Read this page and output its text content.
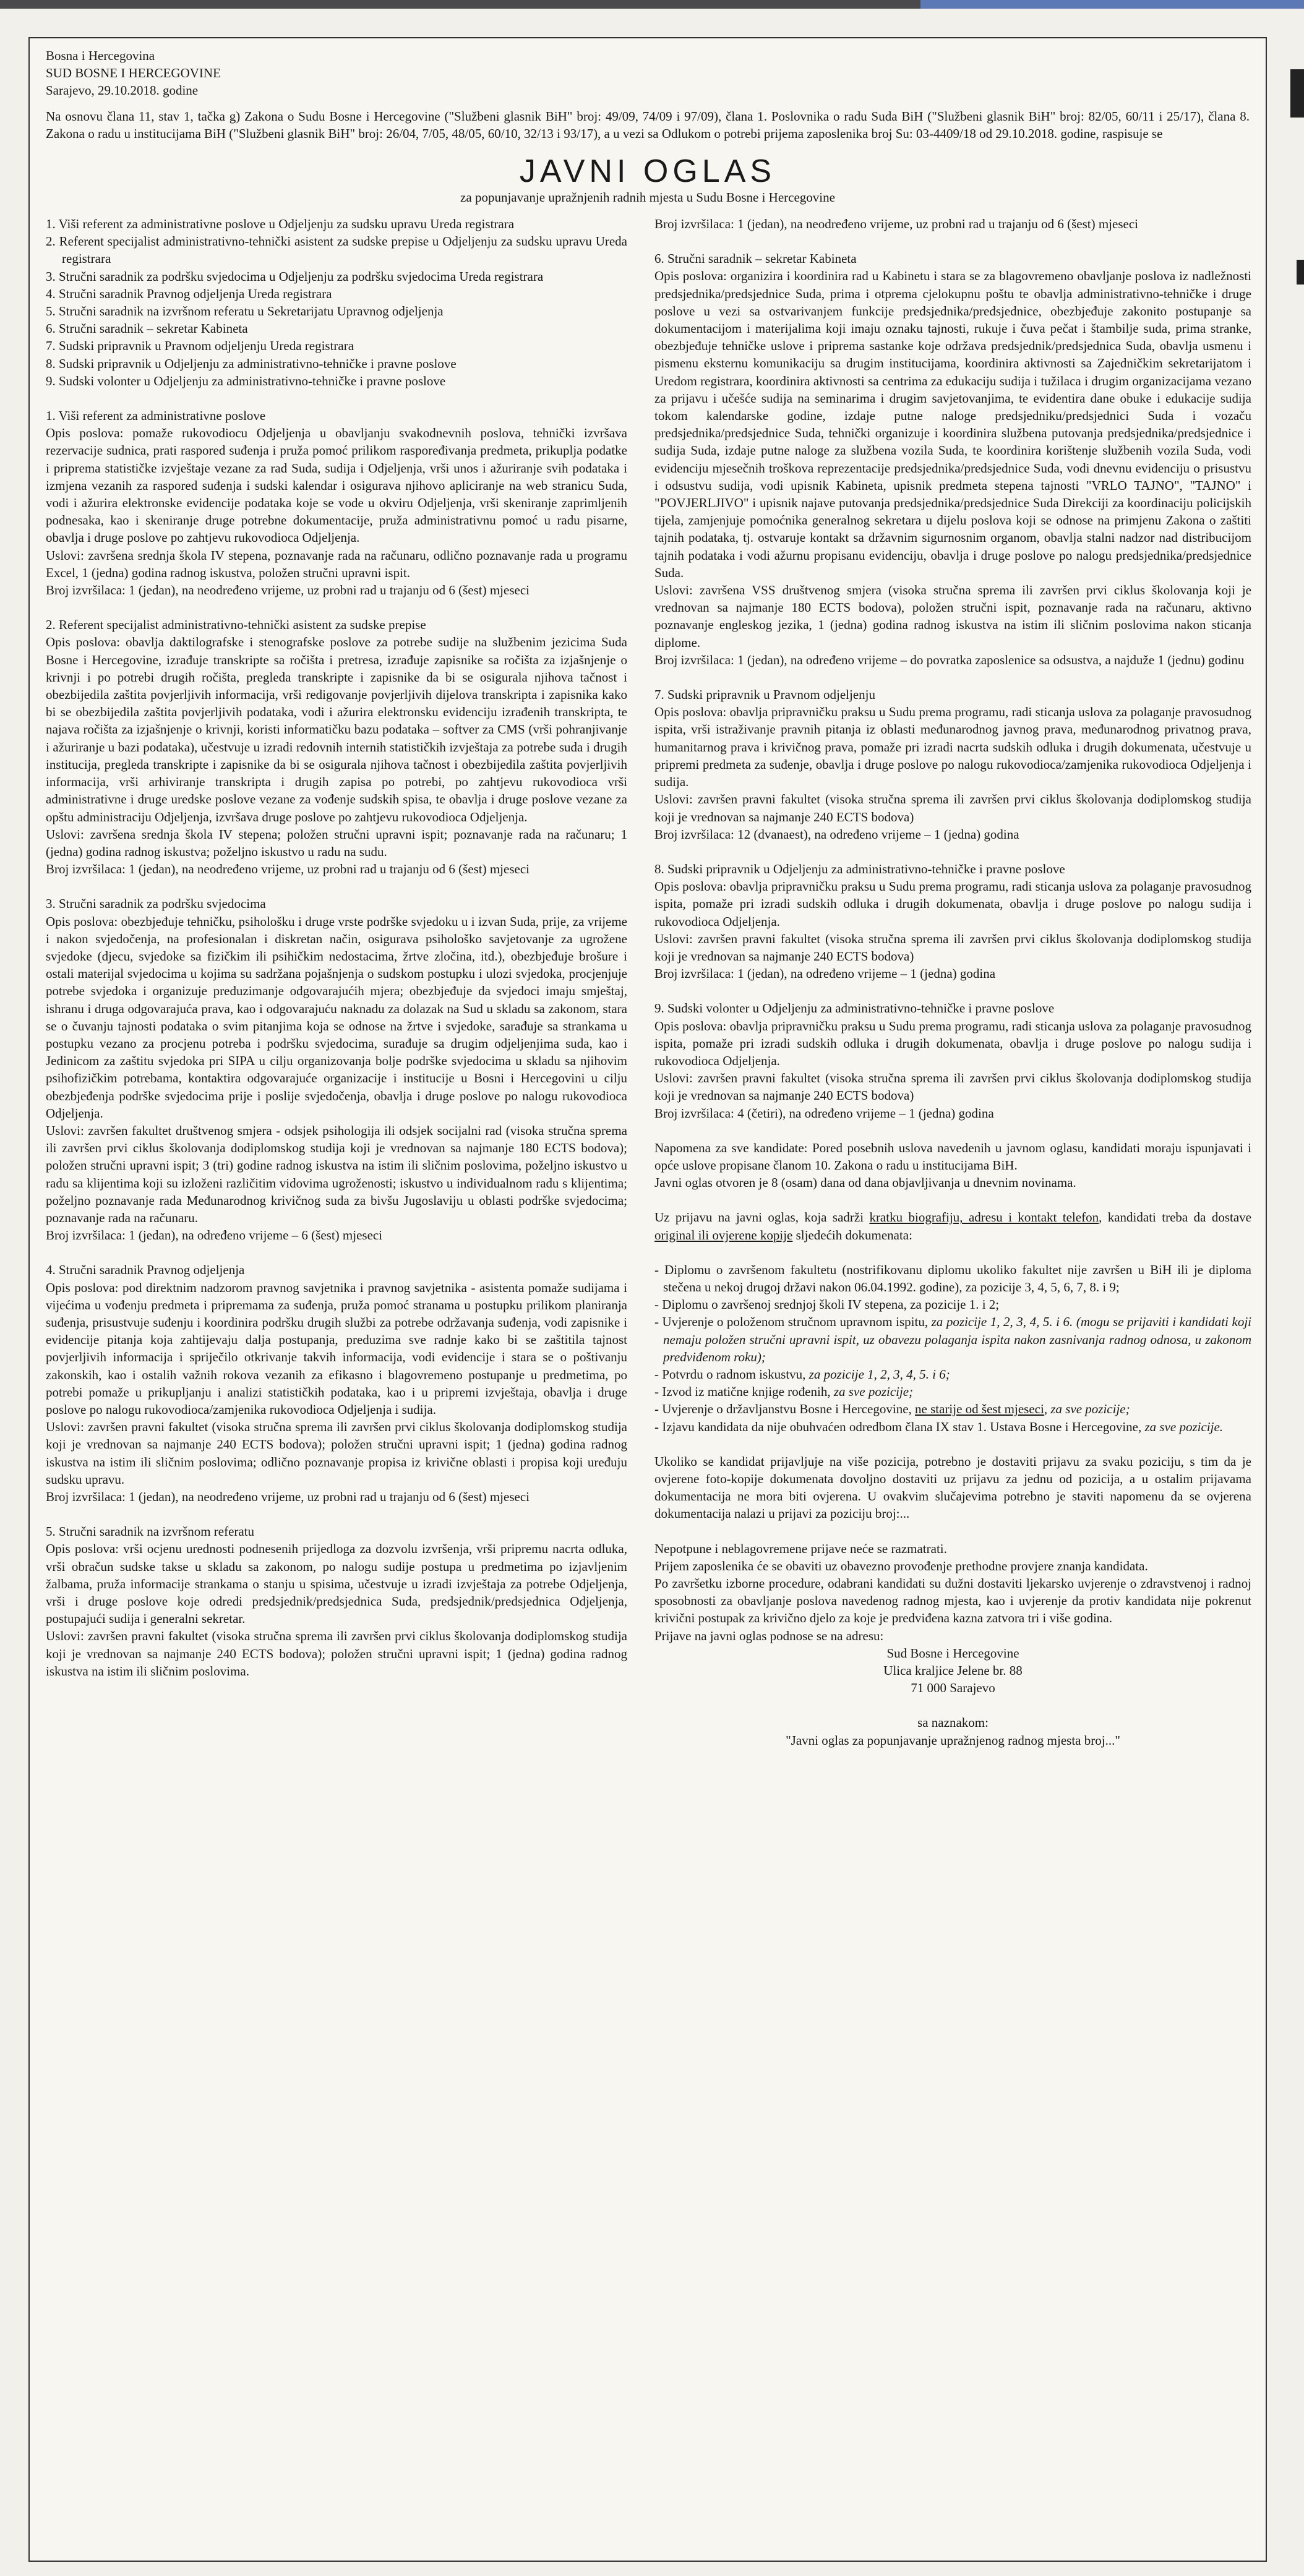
Bosna i Hercegovina
SUD BOSNE I HERCEGOVINE
Sarajevo, 29.10.2018. godine

Na osnovu člana 11, stav 1, tačka g) Zakona o Sudu Bosne i Hercegovine ("Službeni glasnik BiH" broj: 49/09, 74/09 i 97/09), člana 1. Poslovnika o radu Suda BiH ("Službeni glasnik BiH" broj: 82/05, 60/11 i 25/17), člana 8. Zakona o radu u institucijama BiH ("Službeni glasnik BiH" broj: 26/04, 7/05, 48/05, 60/10, 32/13 i 93/17), a u vezi sa Odlukom o potrebi prijema zaposlenika broj Su: 03-4409/18 od 29.10.2018. godine, raspisuje se

JAVNI OGLAS
za popunjavanje upražnjenih radnih mjesta u Sudu Bosne i Hercegovine
1. Viši referent za administrativne poslove u Odjeljenju za sudsku upravu Ureda registrara
2. Referent specijalist administrativno-tehnički asistent za sudske prepise u Odjeljenju za sudsku upravu Ureda registrara
3. Stručni saradnik za podršku svjedocima u Odjeljenju za podršku svjedocima Ureda registrara
4. Stručni saradnik Pravnog odjeljenja Ureda registrara
5. Stručni saradnik na izvršnom referatu u Sekretarijatu Upravnog odjeljenja
6. Stručni saradnik – sekretar Kabineta
7. Sudski pripravnik u Pravnom odjeljenju Ureda registrara
8. Sudski pripravnik u Odjeljenju za administrativno-tehničke i pravne poslove
9. Sudski volonter u Odjeljenju za administrativno-tehničke i pravne poslove

1. Viši referent za administrativne poslove

Opis poslova: pomaže rukovodiocu Odjeljenja u obavljanju svakodnevnih poslova, tehnički izvršava rezervacije sudnica, prati raspored suđenja i pruža pomoć prilikom raspoređivanja predmeta, prikuplja podatke i priprema statističke izvještaje vezane za rad Suda, sudija i Odjeljenja, vrši unos i ažuriranje svih podataka i izmjena vezanih za raspored suđenja i sudski kalendar i osigurava njihovo apliciranje na web stranicu Suda, vodi i ažurira elektronske evidencije podataka koje se vode u okviru Odjeljenja, vrši skeniranje zaprimljenih podnesaka, kao i skeniranje druge potrebne dokumentacije, pruža administrativnu pomoć u radu pisarne, obavlja i druge poslove po zahtjevu rukovodioca Odjeljenja.

Uslovi: završena srednja škola IV stepena, poznavanje rada na računaru, odlično poznavanje rada u programu Excel, 1 (jedna) godina radnog iskustva, položen stručni upravni ispit.

Broj izvršilaca: 1 (jedan), na neodređeno vrijeme, uz probni rad u trajanju od 6 (šest) mjeseci

2. Referent specijalist administrativno-tehnički asistent za sudske prepise

Opis poslova: obavlja daktilografske i stenografske poslove za potrebe sudije na službenim jezicima Suda Bosne i Hercegovine, izrađuje transkripte sa ročišta i pretresa, izrađuje zapisnike sa ročišta za izjašnjenje o krivnji i po potrebi drugih ročišta, pregleda transkripte i zapisnike da bi se osigurala njihova tačnost i obezbijedila zaštita povjerljivih informacija, vrši redigovanje povjerljivih dijelova transkripta i zapisnika kako bi se obezbijedila zaštita povjerljivih podataka, vodi i ažurira elektronsku evidenciju izrađenih transkripta, te najava ročišta za izjašnjenje o krivnji, koristi informatičku bazu podataka – softver za CMS (vrši pohranjivanje i ažuriranje u bazi podataka), učestvuje u izradi redovnih internih statističkih izvještaja za potrebe suda i drugih institucija, pregleda transkripte i zapisnike da bi se osigurala njihova tačnost i obezbijedila zaštita povjerljivih informacija, vrši arhiviranje transkripta i drugih zapisa po potrebi, po zahtjevu rukovodioca vrši administrativne i druge uredske poslove vezane za vođenje sudskih spisa, te obavlja i druge poslove vezane za opštu administraciju Odjeljenja, izvršava druge poslove po zahtjevu rukovodioca Odjeljenja.

Uslovi: završena srednja škola IV stepena; položen stručni upravni ispit; poznavanje rada na računaru; 1 (jedna) godina radnog iskustva; poželjno iskustvo u radu na sudu.

Broj izvršilaca: 1 (jedan), na neodređeno vrijeme, uz probni rad u trajanju od 6 (šest) mjeseci

3. Stručni saradnik za podršku svjedocima

Opis poslova: obezbjeđuje tehničku, psihološku i druge vrste podrške svjedoku u i izvan Suda, prije, za vrijeme i nakon svjedočenja, na profesionalan i diskretan način, osigurava psihološko savjetovanje za ugrožene svjedoke (djecu, svjedoke sa fizičkim ili psihičkim nedostacima, žrtve zločina, itd.), obezbjeđuje brošure i ostali materijal svjedocima u kojima su sadržana pojašnjenja o sudskom postupku i ulozi svjedoka, procjenjuje potrebe svjedoka i organizuje preduzimanje odgovarajućih mjera; obezbjeđuje da svjedoci imaju smještaj, ishranu i druga odgovarajuća prava, kao i odgovarajuću naknadu za dolazak na Sud u skladu sa zakonom, stara se o čuvanju tajnosti podataka o svim pitanjima koja se odnose na žrtve i svjedoke, sarađuje sa strankama u postupku vezano za procjenu potreba i podršku svjedocima, surađuje sa drugim odjeljenjima suda, kao i Jedinicom za zaštitu svjedoka pri SIPA u cilju organizovanja bolje podrške svjedocima u skladu sa njihovim psihofizičkim potrebama, kontaktira odgovarajuće organizacije i institucije u Bosni i Hercegovini u cilju obezbjeđenja podrške svjedocima prije i poslije svjedočenja, obavlja i druge poslove po nalogu rukovodioca Odjeljenja.

Uslovi: završen fakultet društvenog smjera - odsjek psihologija ili odsjek socijalni rad (visoka stručna sprema ili završen prvi ciklus školovanja dodiplomskog studija koji je vrednovan sa najmanje 180 ECTS bodova); položen stručni upravni ispit; 3 (tri) godine radnog iskustva na istim ili sličnim poslovima, poželjno iskustvo u radu sa klijentima koji su izloženi različitim vidovima ugroženosti; iskustvo u individualnom radu s klijentima; poželjno poznavanje rada Međunarodnog krivičnog suda za bivšu Jugoslaviju u oblasti podrške svjedocima; poznavanje rada na računaru.

Broj izvršilaca: 1 (jedan), na određeno vrijeme – 6 (šest) mjeseci

4. Stručni saradnik Pravnog odjeljenja

Opis poslova: pod direktnim nadzorom pravnog savjetnika i pravnog savjetnika - asistenta pomaže sudijama i vijećima u vođenju predmeta i pripremama za suđenja, pruža pomoć stranama u postupku prilikom planiranja suđenja, prisustvuje suđenju i koordinira podršku drugih službi za potrebe održavanja suđenja, vodi zapisnike i evidencije pitanja koja zahtijevaju dalja postupanja, preduzima sve radnje kako bi se zaštitila tajnost povjerljivih informacija i spriječilo otkrivanje takvih informacija, vodi evidencije i stara se o poštivanju zakonskih, kao i ostalih važnih rokova vezanih za efikasno i blagovremeno postupanje u predmetima, po potrebi pomaže u prikupljanju i analizi statističkih podataka, kao i u pripremi izvještaja, obavlja i druge poslove po nalogu rukovodioca/zamjenika rukovodioca Odjeljenja i sudija.

Uslovi: završen pravni fakultet (visoka stručna sprema ili završen prvi ciklus školovanja dodiplomskog studija koji je vrednovan sa najmanje 240 ECTS bodova); položen stručni upravni ispit; 1 (jedna) godina radnog iskustva na istim ili sličnim poslovima; odlično poznavanje propisa iz krivične oblasti i propisa koji uređuju sudsku upravu.

Broj izvršilaca: 1 (jedan), na neodređeno vrijeme, uz probni rad u trajanju od 6 (šest) mjeseci

5. Stručni saradnik na izvršnom referatu

Opis poslova: vrši ocjenu urednosti podnesenih prijedloga za dozvolu izvršenja, vrši pripremu nacrta odluka, vrši obračun sudske takse u skladu sa zakonom, po nalogu sudije postupa u predmetima po izjavljenim žalbama, pruža informacije strankama o stanju u spisima, učestvuje u izradi izvještaja za potrebe Odjeljenja, vrši i druge poslove koje odredi predsjednik/predsjednica Suda, predsjednik/predsjednica Odjeljenja, postupajući sudija i generalni sekretar.

Uslovi: završen pravni fakultet (visoka stručna sprema ili završen prvi ciklus školovanja dodiplomskog studija koji je vrednovan sa najmanje 240 ECTS bodova); položen stručni upravni ispit; 1 (jedna) godina radnog iskustva na istim ili sličnim poslovima.

Broj izvršilaca: 1 (jedan), na neodređeno vrijeme, uz probni rad u trajanju od 6 (šest) mjeseci

6. Stručni saradnik – sekretar Kabineta

Opis poslova: organizira i koordinira rad u Kabinetu i stara se za blagovremeno obavljanje poslova iz nadležnosti predsjednika/predsjednice Suda, prima i otprema cjelokupnu poštu te obavlja administrativno-tehničke i druge poslove u vezi sa ostvarivanjem funkcije predsjednika/predsjednice, obezbjeđuje zakonito postupanje sa dokumentacijom i materijalima koji imaju oznaku tajnosti, rukuje i čuva pečat i štambilje suda, prima stranke, obezbjeđuje tehničke uslove i priprema sastanke koje održava predsjednik/predsjednica Suda, obavlja usmenu i pismenu eksternu komunikaciju sa drugim institucijama, koordinira aktivnosti sa Zajedničkim sekretarijatom i Uredom registrara, koordinira aktivnosti sa centrima za edukaciju sudija i tužilaca i drugim organizacijama vezano za prijavu i učešće sudija na seminarima i drugim savjetovanjima, te evidentira dane obuke i edukacije sudija tokom kalendarske godine, izdaje putne naloge predsjedniku/predsjednici Suda i vozaču predsjednika/predsjednice Suda, tehnički organizuje i koordinira službena putovanja predsjednika/predsjednice i sudija Suda, izdaje putne naloge za službena vozila Suda, te koordinira korištenje službenih vozila Suda, vodi evidenciju mjesečnih troškova reprezentacije predsjednika/predsjednice Suda, vodi dnevnu evidenciju o prisustvu i odsustvu sudija, vodi upisnik Kabineta, upisnik predmeta stepena tajnosti "VRLO TAJNO", "TAJNO" i "POVJERLJIVO" i upisnik najave putovanja predsjednika/predsjednice Suda Direkciji za koordinaciju policijskih tijela, zamjenjuje pomoćnika generalnog sekretara u dijelu poslova koji se odnose na primjenu Zakona o zaštiti tajnih podataka, tj. ostvaruje kontakt sa državnim sigurnosnim organom, obavlja stalni nadzor nad distribucijom tajnih podataka i vodi ažurnu propisanu evidenciju, obavlja i druge poslove po nalogu predsjednika/predsjednice Suda.

Uslovi: završena VSS društvenog smjera (visoka stručna sprema ili završen prvi ciklus školovanja koji je vrednovan sa najmanje 180 ECTS bodova), položen stručni ispit, poznavanje rada na računaru, aktivno poznavanje engleskog jezika, 1 (jedna) godina radnog iskustva na istim ili sličnim poslovima nakon sticanja diplome.

Broj izvršilaca: 1 (jedan), na određeno vrijeme – do povratka zaposlenice sa odsustva, a najduže 1 (jednu) godinu

7. Sudski pripravnik u Pravnom odjeljenju

Opis poslova: obavlja pripravničku praksu u Sudu prema programu, radi sticanja uslova za polaganje pravosudnog ispita, vrši istraživanje pravnih pitanja iz oblasti međunarodnog javnog prava, međunarodnog privatnog prava, humanitarnog prava i krivičnog prava, pomaže pri izradi nacrta sudskih odluka i drugih dokumenata, učestvuje u pripremi predmeta za suđenje, obavlja i druge poslove po nalogu rukovodioca/zamjenika rukovodioca Odjeljenja i sudija.

Uslovi: završen pravni fakultet (visoka stručna sprema ili završen prvi ciklus školovanja dodiplomskog studija koji je vrednovan sa najmanje 240 ECTS bodova)

Broj izvršilaca: 12 (dvanaest), na određeno vrijeme – 1 (jedna) godina

8. Sudski pripravnik u Odjeljenju za administrativno-tehničke i pravne poslove

Opis poslova: obavlja pripravničku praksu u Sudu prema programu, radi sticanja uslova za polaganje pravosudnog ispita, pomaže pri izradi sudskih odluka i drugih dokumenata, obavlja i druge poslove po nalogu sudija i rukovodioca Odjeljenja.

Uslovi: završen pravni fakultet (visoka stručna sprema ili završen prvi ciklus školovanja dodiplomskog studija koji je vrednovan sa najmanje 240 ECTS bodova)

Broj izvršilaca: 1 (jedan), na određeno vrijeme – 1 (jedna) godina

9. Sudski volonter u Odjeljenju za administrativno-tehničke i pravne poslove

Opis poslova: obavlja pripravničku praksu u Sudu prema programu, radi sticanja uslova za polaganje pravosudnog ispita, pomaže pri izradi sudskih odluka i drugih dokumenata, obavlja i druge poslove po nalogu sudija i rukovodioca Odjeljenja.

Uslovi: završen pravni fakultet (visoka stručna sprema ili završen prvi ciklus školovanja dodiplomskog studija koji je vrednovan sa najmanje 240 ECTS bodova)

Broj izvršilaca: 4 (četiri), na određeno vrijeme – 1 (jedna) godina

Napomena za sve kandidate: Pored posebnih uslova navedenih u javnom oglasu, kandidati moraju ispunjavati i opće uslove propisane članom 10. Zakona o radu u institucijama BiH.

Javni oglas otvoren je 8 (osam) dana od dana objavljivanja u dnevnim novinama.

Uz prijavu na javni oglas, koja sadrži kratku biografiju, adresu i kontakt telefon, kandidati treba da dostave original ili ovjerene kopije sljedećih dokumenata:

- Diplomu o završenom fakultetu (nostrifikovanu diplomu ukoliko fakultet nije završen u BiH ili je diploma stečena u nekoj drugoj državi nakon 06.04.1992. godine), za pozicije 3, 4, 5, 6, 7, 8. i 9;
- Diplomu o završenoj srednjoj školi IV stepena, za pozicije 1. i 2;
- Uvjerenje o položenom stručnom upravnom ispitu, za pozicije 1, 2, 3, 4, 5. i 6. (mogu se prijaviti i kandidati koji nemaju položen stručni upravni ispit, uz obavezu polaganja ispita nakon zasnivanja radnog odnosa, u zakonom predviđenom roku);
- Potvrdu o radnom iskustvu, za pozicije 1, 2, 3, 4, 5. i 6;
- Izvod iz matične knjige rođenih, za sve pozicije;
- Uvjerenje o državljanstvu Bosne i Hercegovine, ne starije od šest mjeseci, za sve pozicije;
- Izjavu kandidata da nije obuhvaćen odredbom člana IX stav 1. Ustava Bosne i Hercegovine, za sve pozicije.

Ukoliko se kandidat prijavljuje na više pozicija, potrebno je dostaviti prijavu za svaku poziciju, s tim da je ovjerene foto-kopije dokumenata dovoljno dostaviti uz prijavu za jednu od pozicija, a u ostalim prijavama dokumentacija ne mora biti ovjerena. U ovakvim slučajevima potrebno je staviti napomenu da se ovjerena dokumentacija nalazi u prijavi za poziciju broj:...

Nepotpune i neblagovremene prijave neće se razmatrati.

Prijem zaposlenika će se obaviti uz obavezno provođenje prethodne provjere znanja kandidata.

Po završetku izborne procedure, odabrani kandidati su dužni dostaviti ljekarsko uvjerenje o zdravstvenoj i radnoj sposobnosti za obavljanje poslova navedenog radnog mjesta, kao i uvjerenje da protiv kandidata nije pokrenut krivični postupak za krivično djelo za koje je predviđena kazna zatvora tri i više godina.

Prijave na javni oglas podnose se na adresu:

Sud Bosne i Hercegovine
Ulica kraljice Jelene br. 88
71 000 Sarajevo
sa naznakom:
"Javni oglas za popunjavanje upražnjenog radnog mjesta broj..."
